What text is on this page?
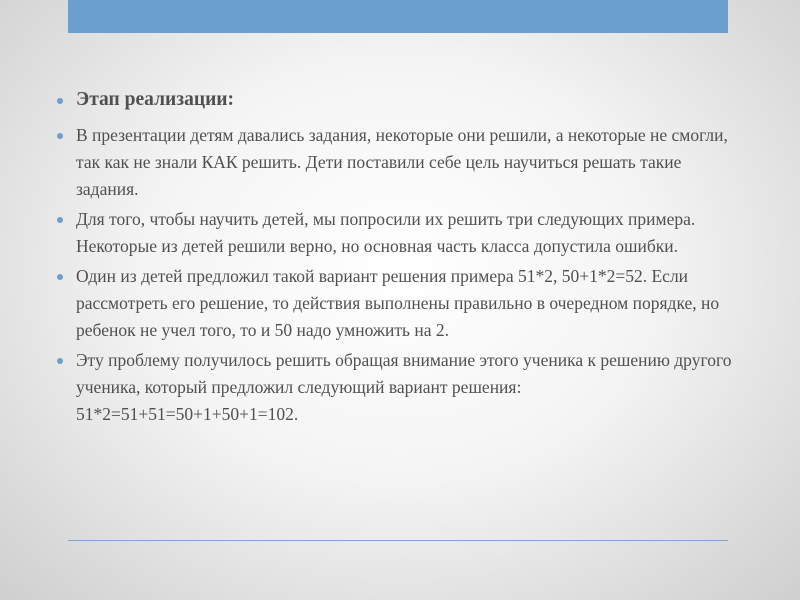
Этап реализации:
В презентации детям давались задания, некоторые они решили, а некоторые не смогли, так как не знали КАК решить. Дети поставили себе цель научиться решать такие задания.
Для того, чтобы научить детей, мы попросили их решить три следующих примера. Некоторые из детей решили верно, но основная часть класса допустила ошибки.
Один из детей предложил такой вариант решения примера 51*2, 50+1*2=52. Если рассмотреть его решение, то действия выполнены правильно в очередном порядке, но ребенок не учел того, то и 50 надо умножить на 2.
Эту проблему получилось решить обращая внимание этого ученика к решению другого ученика, который предложил следующий вариант решения: 51*2=51+51=50+1+50+1=102.
